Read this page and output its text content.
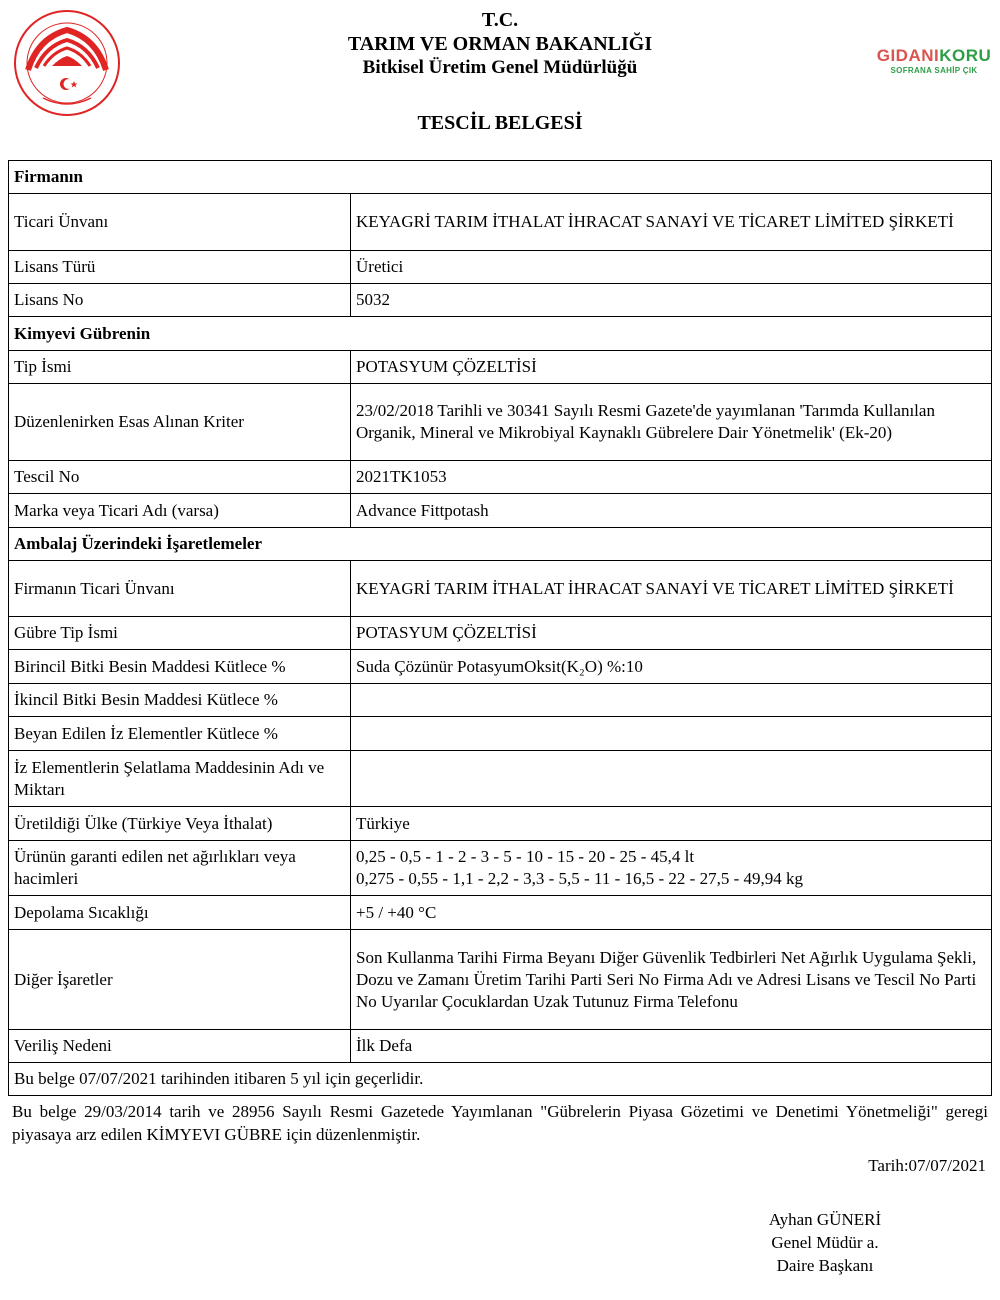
GIDANIKORU
SOFRANA SAHİP ÇIK
T.C.
TARIM VE ORMAN BAKANLIĞI
Bitkisel Üretim Genel Müdürlüğü
TESCİL BELGESİ
Firmanın	
Ticari Ünvanı	KEYAGRİ TARIM İTHALAT İHRACAT SANAYİ VE TİCARET LİMİTED ŞİRKETİ
Lisans Türü	Üretici
Lisans No	5032
Kimyevi Gübrenin	
Tip İsmi	POTASYUM ÇÖZELTİSİ
Düzenlenirken Esas Alınan Kriter	23/02/2018 Tarihli ve 30341 Sayılı Resmi Gazete'de yayımlanan 'Tarımda Kullanılan Organik, Mineral ve Mikrobiyal Kaynaklı Gübrelere Dair Yönetmelik' (Ek-20)
Tescil No	2021TK1053
Marka veya Ticari Adı (varsa)	Advance Fittpotash
Ambalaj Üzerindeki İşaretlemeler	
Firmanın Ticari Ünvanı	KEYAGRİ TARIM İTHALAT İHRACAT SANAYİ VE TİCARET LİMİTED ŞİRKETİ
Gübre Tip İsmi	POTASYUM ÇÖZELTİSİ
Birincil Bitki Besin Maddesi Kütlece %	Suda Çözünür PotasyumOksit(K₂O) %:10
İkincil Bitki Besin Maddesi Kütlece %	
Beyan Edilen İz Elementler Kütlece %	
İz Elementlerin Şelatlama Maddesinin Adı ve Miktarı	
Üretildiği Ülke (Türkiye Veya İthalat)	Türkiye
Ürünün garanti edilen net ağırlıkları veya hacimleri	0,25 - 0,5 - 1 - 2 - 3 - 5 - 10 - 15 - 20 - 25 - 45,4 lt
0,275 - 0,55 - 1,1 - 2,2 - 3,3 - 5,5 - 11 - 16,5 - 22 - 27,5 - 49,94 kg

Depolama Sıcaklığı	+5 / +40 °C
Diğer İşaretler	Son Kullanma Tarihi Firma Beyanı Diğer Güvenlik Tedbirleri Net Ağırlık Uygulama Şekli, Dozu ve Zamanı Üretim Tarihi Parti Seri No Firma Adı ve Adresi Lisans ve Tescil No Parti No Uyarılar Çocuklardan Uzak Tutunuz Firma Telefonu
Veriliş Nedeni	İlk Defa
Bu belge 07/07/2021 tarihinden itibaren 5 yıl için geçerlidir.	
Bu belge 29/03/2014 tarih ve 28956 Sayılı Resmi Gazetede Yayımlanan "Gübrelerin Piyasa Gözetimi ve Denetimi Yönetmeliği" geregi piyasaya arz edilen KİMYEVI GÜBRE için düzenlenmiştir.
Tarih:07/07/2021
Ayhan GÜNERİ
Genel Müdür a.
Daire Başkanı
